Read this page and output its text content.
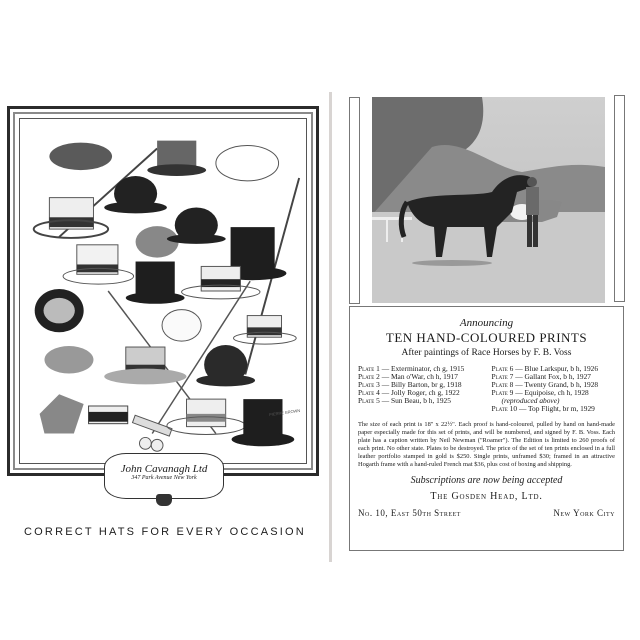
PIERRE BROWN
John Cavanagh Ltd
347 Park Avenue New York
CORRECT HATS FOR EVERY OCCASION
Announcing
TEN HAND-COLOURED PRINTS
After paintings of Race Horses by F. B. Voss
Plate 1 — Exterminator, ch g, 1915
Plate 2 — Man o'War, ch h, 1917
Plate 3 — Billy Barton, br g, 1918
Plate 4 — Jolly Roger, ch g, 1922
Plate 5 — Sun Beau, b h, 1925
Plate 6 — Blue Larkspur, b h, 1926
Plate 7 — Gallant Fox, b h, 1927
Plate 8 — Twenty Grand, b h, 1928
Plate 9 — Equipoise, ch h, 1928
(reproduced above)
Plate 10 — Top Flight, br m, 1929
The size of each print is 18" x 22½". Each proof is hand-coloured, pulled by hand on hand-made paper especially made for this set of prints, and will be numbered, and signed by F. B. Voss. Each plate has a caption written by Neil Newman ("Roamer"). The Edition is limited to 260 proofs of each print. No other state. Plates to be destroyed. The price of the set of ten prints enclosed in a full leather portfolio stamped in gold is $250. Single prints, unframed $30; framed in an attractive Hogarth frame with a hand-ruled French mat $36, plus cost of boxing and shipping.
Subscriptions are now being accepted
The Gosden Head, Ltd.
No. 10, East 50th Street	New York City
